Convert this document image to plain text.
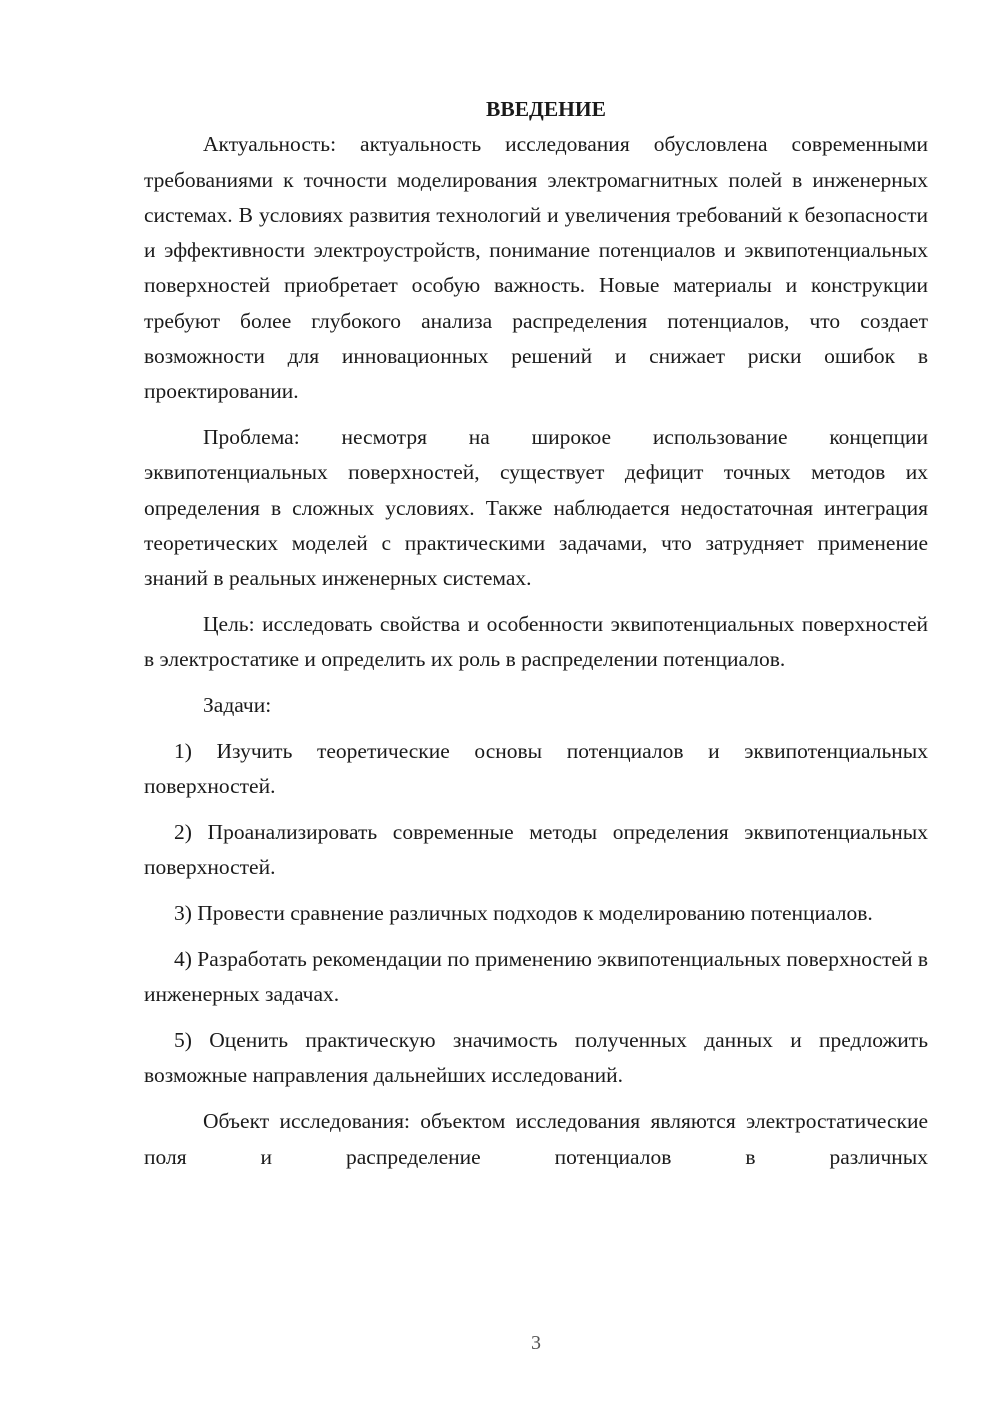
ВВЕДЕНИЕ

Актуальность: актуальность исследования обусловлена современными требованиями к точности моделирования электромагнитных полей в инженерных системах. В условиях развития технологий и увеличения требований к безопасности и эффективности электроустройств, понимание потенциалов и эквипотенциальных поверхностей приобретает особую важность. Новые материалы и конструкции требуют более глубокого анализа распределения потенциалов, что создает возможности для инновационных решений и снижает риски ошибок в проектировании.

Проблема: несмотря на широкое использование концепции эквипотенциальных поверхностей, существует дефицит точных методов их определения в сложных условиях. Также наблюдается недостаточная интеграция теоретических моделей с практическими задачами, что затрудняет применение знаний в реальных инженерных системах.

Цель: исследовать свойства и особенности эквипотенциальных поверхностей в электростатике и определить их роль в распределении потенциалов.

Задачи:

1) Изучить теоретические основы потенциалов и эквипотенциальных поверхностей.

2) Проанализировать современные методы определения эквипотенциальных поверхностей.

3) Провести сравнение различных подходов к моделированию потенциалов.

4) Разработать рекомендации по применению эквипотенциальных поверхностей в инженерных задачах.

5) Оценить практическую значимость полученных данных и предложить возможные направления дальнейших исследований.

Объект исследования: объектом исследования являются электростатические поля и распределение потенциалов в различных

3
